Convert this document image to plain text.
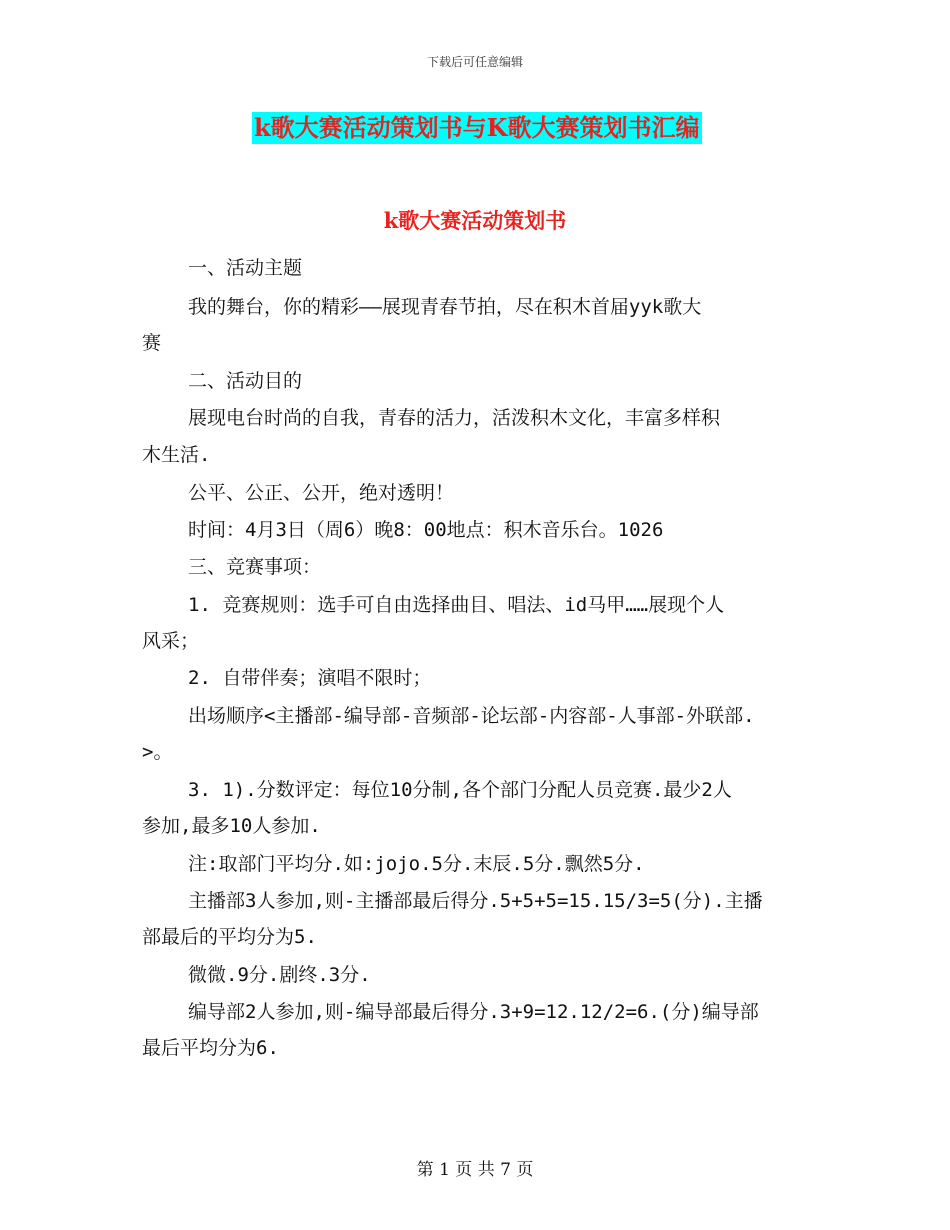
下载后可任意编辑
k歌大赛活动策划书与K歌大赛策划书汇编
k歌大赛活动策划书
一、活动主题
我的舞台，你的精彩——展现青春节拍，尽在积木首届yyk歌大
赛
二、活动目的
展现电台时尚的自我，青春的活力，活泼积木文化，丰富多样积
木生活.
公平、公正、公开，绝对透明！
时间：4月3日（周6）晚8：00地点：积木音乐台。1026
三、竞赛事项：
1. 竞赛规则：选手可自由选择曲目、唱法、id马甲……展现个人
风采；
2. 自带伴奏；演唱不限时；
出场顺序<主播部-编导部-音频部-论坛部-内容部-人事部-外联部.
>。
3. 1).分数评定：每位10分制,各个部门分配人员竞赛.最少2人
参加,最多10人参加.
注:取部门平均分.如:jojo.5分.末辰.5分.飘然5分.
主播部3人参加,则-主播部最后得分.5+5+5=15.15/3=5(分).主播
部最后的平均分为5.
微微.9分.剧终.3分.
编导部2人参加,则-编导部最后得分.3+9=12.12/2=6.(分)编导部
最后平均分为6.
第 1 页 共 7 页
